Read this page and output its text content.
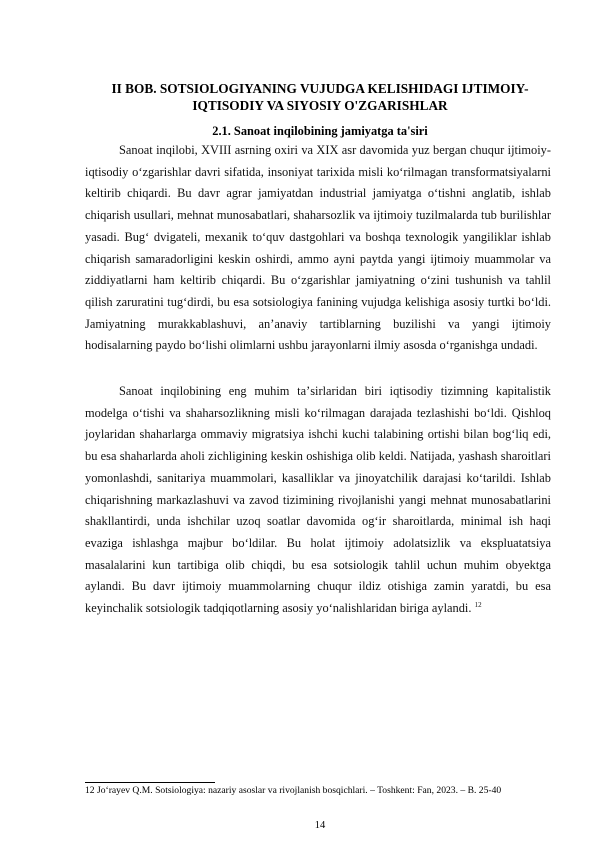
II BOB. SOTSIOLOGIYANING VUJUDGA KELISHIDAGI IJTIMOIY-IQTISODIY VA SIYOSIY O'ZGARISHLAR
2.1. Sanoat inqilobining jamiyatga ta'siri

Sanoat inqilobi, XVIII asrning oxiri va XIX asr davomida yuz bergan chuqur ijtimoiy-iqtisodiy oʻzgarishlar davri sifatida, insoniyat tarixida misli koʻrilmagan transformatsiyalarni keltirib chiqardi. Bu davr agrar jamiyatdan industrial jamiyatga oʻtishni anglatib, ishlab chiqarish usullari, mehnat munosabatlari, shaharsozlik va ijtimoiy tuzilmalarda tub burilishlar yasadi. Bugʻ dvigateli, mexanik toʻquv dastgohlari va boshqa texnologik yangiliklar ishlab chiqarish samaradorligini keskin oshirdi, ammo ayni paytda yangi ijtimoiy muammolar va ziddiyatlarni ham keltirib chiqardi. Bu oʻzgarishlar jamiyatning oʻzini tushunish va tahlil qilish zaruratini tugʻdirdi, bu esa sotsiologiya fanining vujudga kelishiga asosiy turtki boʻldi. Jamiyatning murakkablashuvi, anʼanaviy tartiblarning buzilishi va yangi ijtimoiy hodisalarning paydo boʻlishi olimlarni ushbu jarayonlarni ilmiy asosda oʻrganishga undadi.

Sanoat inqilobining eng muhim taʼsirlaridan biri iqtisodiy tizimning kapitalistik modelga oʻtishi va shaharsozlikning misli koʻrilmagan darajada tezlashishi boʻldi. Qishloq joylaridan shaharlarga ommaviy migratsiya ishchi kuchi talabining ortishi bilan bogʻliq edi, bu esa shaharlarda aholi zichligining keskin oshishiga olib keldi. Natijada, yashash sharoitlari yomonlashdi, sanitariya muammolari, kasalliklar va jinoyatchilik darajasi koʻtarildi. Ishlab chiqarishning markazlashuvi va zavod tizimining rivojlanishi yangi mehnat munosabatlarini shakllantirdi, unda ishchilar uzoq soatlar davomida ogʻir sharoitlarda, minimal ish haqi evaziga ishlashga majbur boʻldilar. Bu holat ijtimoiy adolatsizlik va ekspluatatsiya masalalarini kun tartibiga olib chiqdi, bu esa sotsiologik tahlil uchun muhim obyektga aylandi. Bu davr ijtimoiy muammolarning chuqur ildiz otishiga zamin yaratdi, bu esa keyinchalik sotsiologik tadqiqotlarning asosiy yoʻnalishlaridan biriga aylandi. $^{12}$

12 Joʻrayev Q.M. Sotsiologiya: nazariy asoslar va rivojlanish bosqichlari. – Toshkent: Fan, 2023. – B. 25-40

14
